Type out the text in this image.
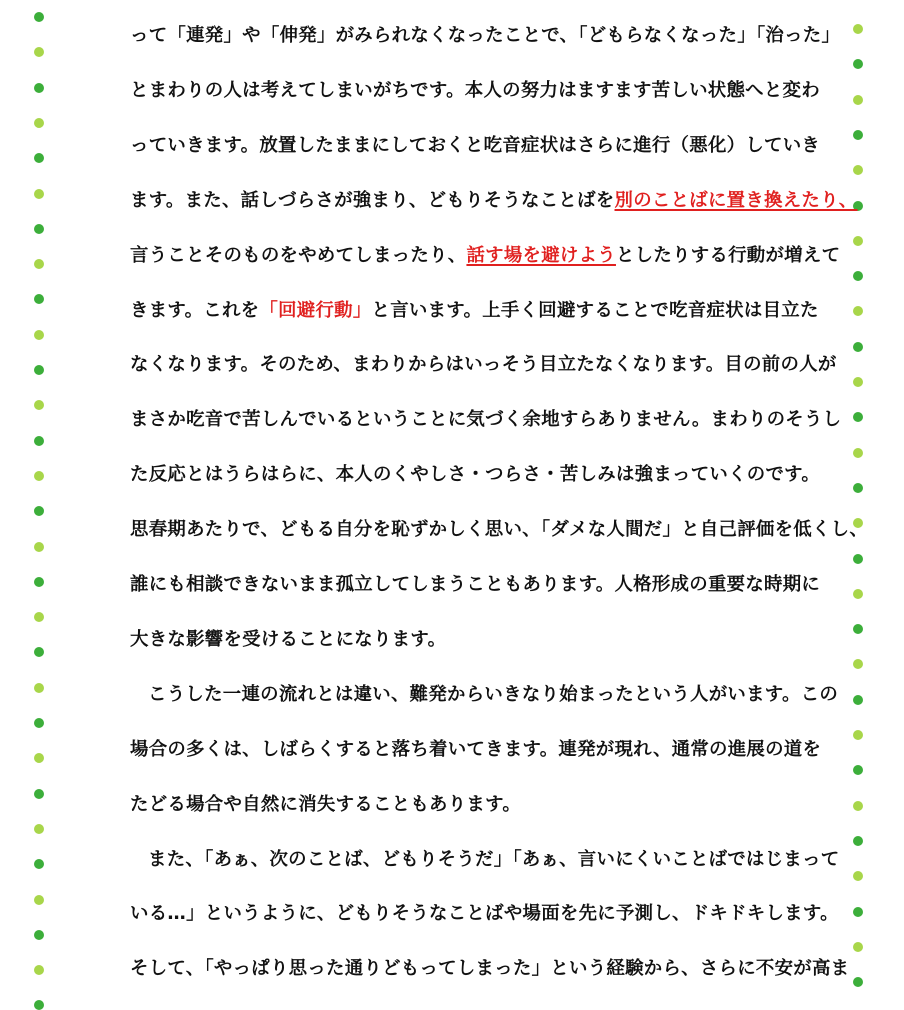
って「連発」や「伸発」がみられなくなったことで、「どもらなくなった」「治った」
とまわりの人は考えてしまいがちです。本人の努力はますます苦しい状態へと変わ
っていきます。放置したままにしておくと吃音症状はさらに進行（悪化）していき
ます。また、話しづらさが強まり、どもりそうなことばを別のことばに置き換えたり、
言うことそのものをやめてしまったり、話す場を避けようとしたりする行動が増えて
きます。これを「回避行動」と言います。上手く回避することで吃音症状は目立た
なくなります。そのため、まわりからはいっそう目立たなくなります。目の前の人が
まさか吃音で苦しんでいるということに気づく余地すらありません。まわりのそうし
た反応とはうらはらに、本人のくやしさ・つらさ・苦しみは強まっていくのです。
思春期あたりで、どもる自分を恥ずかしく思い、「ダメな人間だ」と自己評価を低くし、
誰にも相談できないまま孤立してしまうこともあります。人格形成の重要な時期に
大きな影響を受けることになります。
こうした一連の流れとは違い、難発からいきなり始まったという人がいます。この
場合の多くは、しばらくすると落ち着いてきます。連発が現れ、通常の進展の道を
たどる場合や自然に消失することもあります。
また、「あぁ、次のことば、どもりそうだ」「あぁ、言いにくいことばではじまって
いる…」というように、どもりそうなことばや場面を先に予測し、ドキドキします。
そして、「やっぱり思った通りどもってしまった」という経験から、さらに不安が高ま
